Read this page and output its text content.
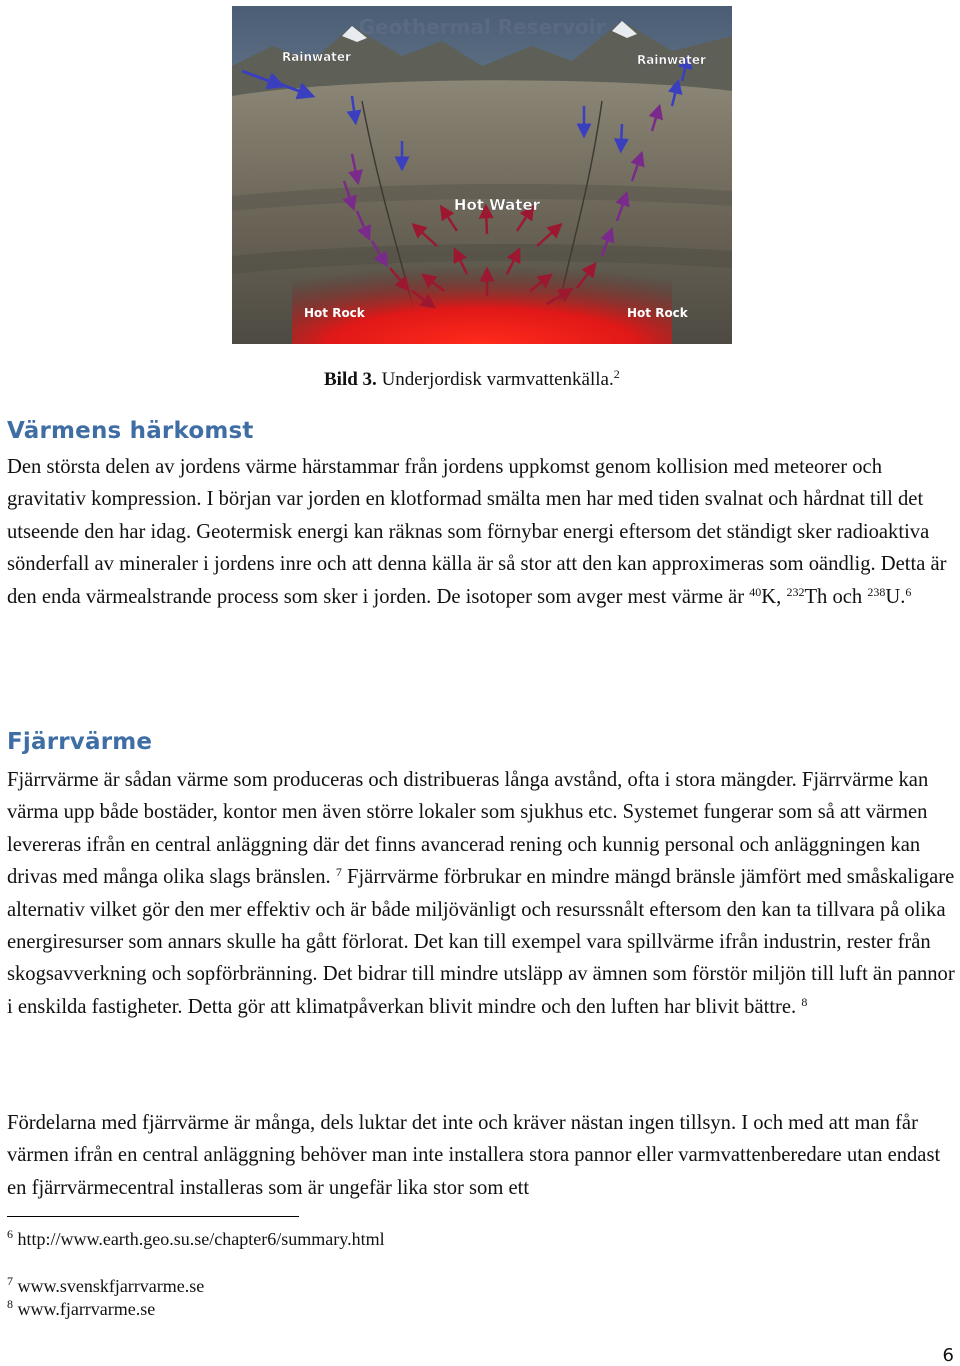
Geothermal Reservoir
Rainwater	Rainwater
Hot Water
Hot Rock	Hot Rock
Bild 3. Underjordisk varmvattenkälla.$^2$
Värmens härkomst
Den största delen av jordens värme härstammar från jordens uppkomst genom kollision med meteorer och gravitativ kompression. I början var jorden en klotformad smälta men har med tiden svalnat och hårdnat till det utseende den har idag. Geotermisk energi kan räknas som förnybar energi eftersom det ständigt sker radioaktiva sönderfall av mineraler i jordens inre och att denna källa är så stor att den kan approximeras som oändlig. Detta är den enda värmealstrande process som sker i jorden. De isotoper som avger mest värme är $^{40}$K, $^{232}$Th och $^{238}$U.$^6$
Fjärrvärme
Fjärrvärme är sådan värme som produceras och distribueras långa avstånd, ofta i stora mängder. Fjärrvärme kan värma upp både bostäder, kontor men även större lokaler som sjukhus etc. Systemet fungerar som så att värmen levereras ifrån en central anläggning där det finns avancerad rening och kunnig personal och anläggningen kan drivas med många olika slags bränslen. $^7$ Fjärrvärme förbrukar en mindre mängd bränsle jämfört med småskaligare alternativ vilket gör den mer effektiv och är både miljövänligt och resurssnålt eftersom den kan ta tillvara på olika energiresurser som annars skulle ha gått förlorat. Det kan till exempel vara spillvärme ifrån industrin, rester från skogsavverkning och sopförbränning. Det bidrar till mindre utsläpp av ämnen som förstör miljön till luft än pannor i enskilda fastigheter. Detta gör att klimatpåverkan blivit mindre och den luften har blivit bättre. $^8$
Fördelarna med fjärrvärme är många, dels luktar det inte och kräver nästan ingen tillsyn. I och med att man får värmen ifrån en central anläggning behöver man inte installera stora pannor eller varmvattenberedare utan endast en fjärrvärmecentral installeras som är ungefär lika stor som ett
$^6$ http://www.earth.geo.su.se/chapter6/summary.html
$^7$ www.svenskfjarrvarme.se
$^8$ www.fjarrvarme.se
6
